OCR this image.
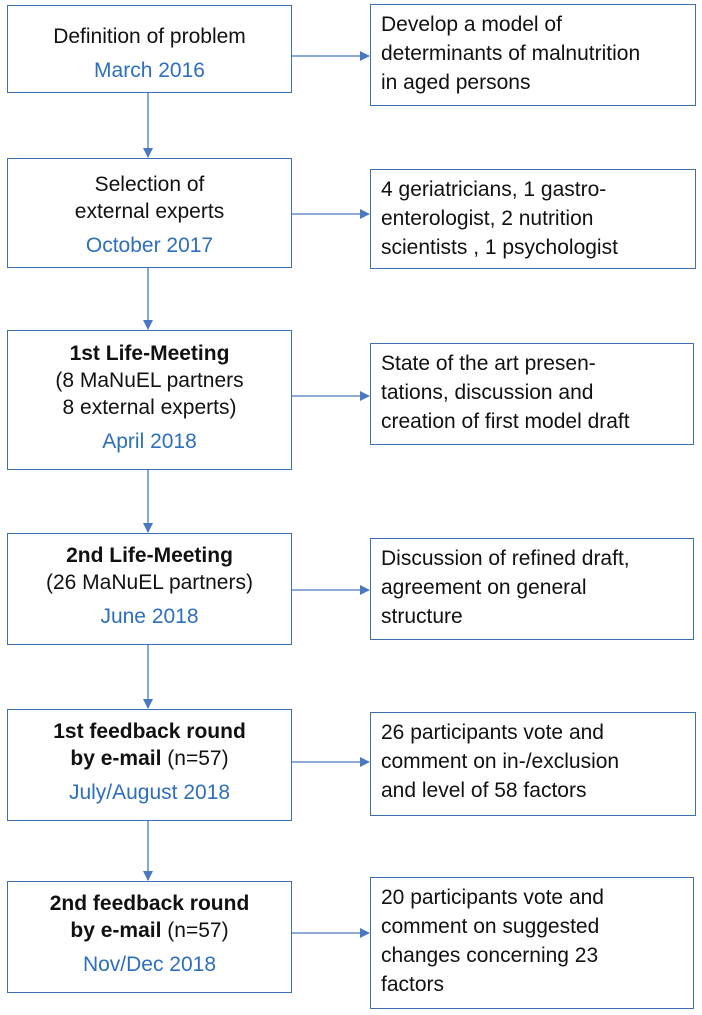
Definition of problem
March 2016
Selection of
external experts
October 2017
1st Life-Meeting
(8 MaNuEL partners
8 external experts)
April 2018
2nd Life-Meeting
(26 MaNuEL partners)
June 2018
1st feedback round
by e-mail (n=57)
July/August 2018
2nd feedback round
by e-mail (n=57)
Nov/Dec 2018
Develop a model of
determinants of malnutrition
in aged persons
4 geriatricians, 1 gastro-
enterologist, 2 nutrition
scientists , 1 psychologist
State of the art presen-
tations, discussion and
creation of first model draft
Discussion of refined draft,
agreement on general
structure
26 participants vote and
comment on in-/exclusion
and level of 58 factors
20 participants vote and
comment on suggested
changes concerning 23
factors
